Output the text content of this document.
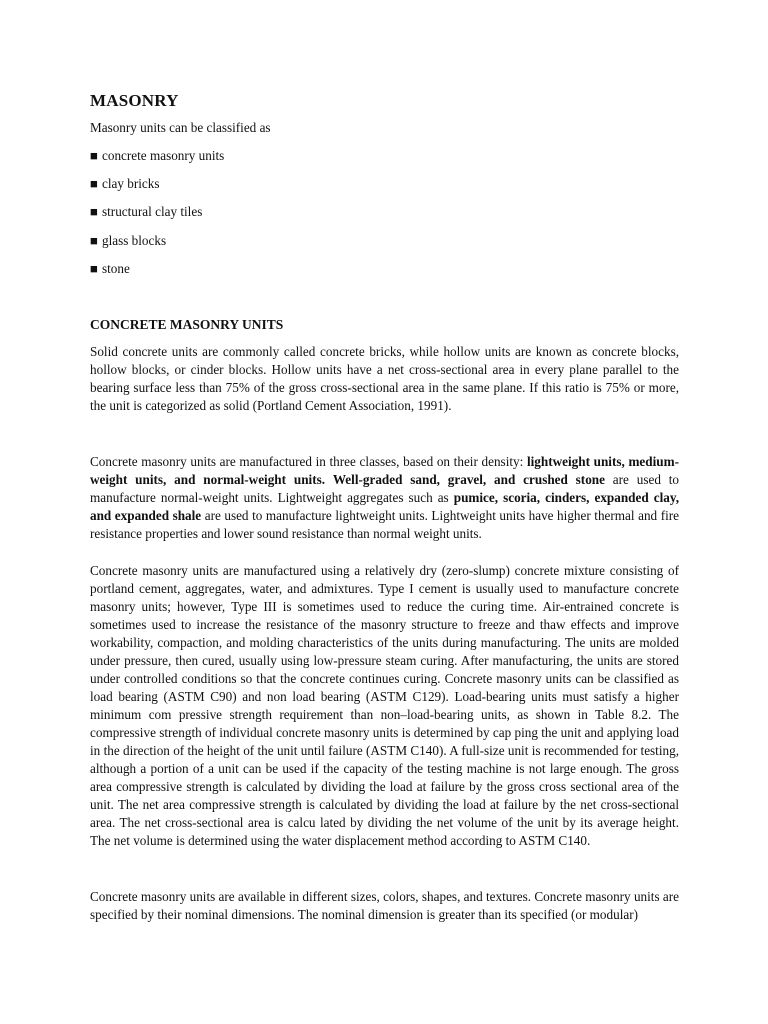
MASONRY
Masonry units can be classified as
■ concrete masonry units
■ clay bricks
■ structural clay tiles
■ glass blocks
■ stone
CONCRETE MASONRY UNITS

Solid concrete units are commonly called concrete bricks, while hollow units are known as concrete blocks, hollow blocks, or cinder blocks. Hollow units have a net cross-sectional area in every plane parallel to the bearing surface less than 75% of the gross cross-sectional area in the same plane. If this ratio is 75% or more, the unit is categorized as solid (Portland Cement Association, 1991).

Concrete masonry units are manufactured in three classes, based on their density: lightweight units, medium-weight units, and normal-weight units. Well-graded sand, gravel, and crushed stone are used to manufacture normal-weight units. Lightweight aggregates such as pumice, scoria, cinders, expanded clay, and expanded shale are used to manufacture lightweight units. Lightweight units have higher thermal and fire resistance properties and lower sound resistance than normal weight units.

Concrete masonry units are manufactured using a relatively dry (zero-slump) concrete mixture consisting of portland cement, aggregates, water, and admixtures. Type I cement is usually used to manufacture concrete masonry units; however, Type III is sometimes used to reduce the curing time. Air-entrained concrete is sometimes used to increase the resistance of the masonry structure to freeze and thaw effects and improve workability, compaction, and molding characteristics of the units during manufacturing. The units are molded under pressure, then cured, usually using low-pressure steam curing. After manufacturing, the units are stored under controlled conditions so that the concrete continues curing. Concrete masonry units can be classified as load bearing (ASTM C90) and non load bearing (ASTM C129). Load-bearing units must satisfy a higher minimum com pressive strength requirement than non–load-bearing units, as shown in Table 8.2. The compressive strength of individual concrete masonry units is determined by cap ping the unit and applying load in the direction of the height of the unit until failure (ASTM C140). A full-size unit is recommended for testing, although a portion of a unit can be used if the capacity of the testing machine is not large enough. The gross area compressive strength is calculated by dividing the load at failure by the gross cross sectional area of the unit. The net area compressive strength is calculated by dividing the load at failure by the net cross-sectional area. The net cross-sectional area is calcu lated by dividing the net volume of the unit by its average height. The net volume is determined using the water displacement method according to ASTM C140.

Concrete masonry units are available in different sizes, colors, shapes, and textures. Concrete masonry units are specified by their nominal dimensions. The nominal dimension is greater than its specified (or modular)
